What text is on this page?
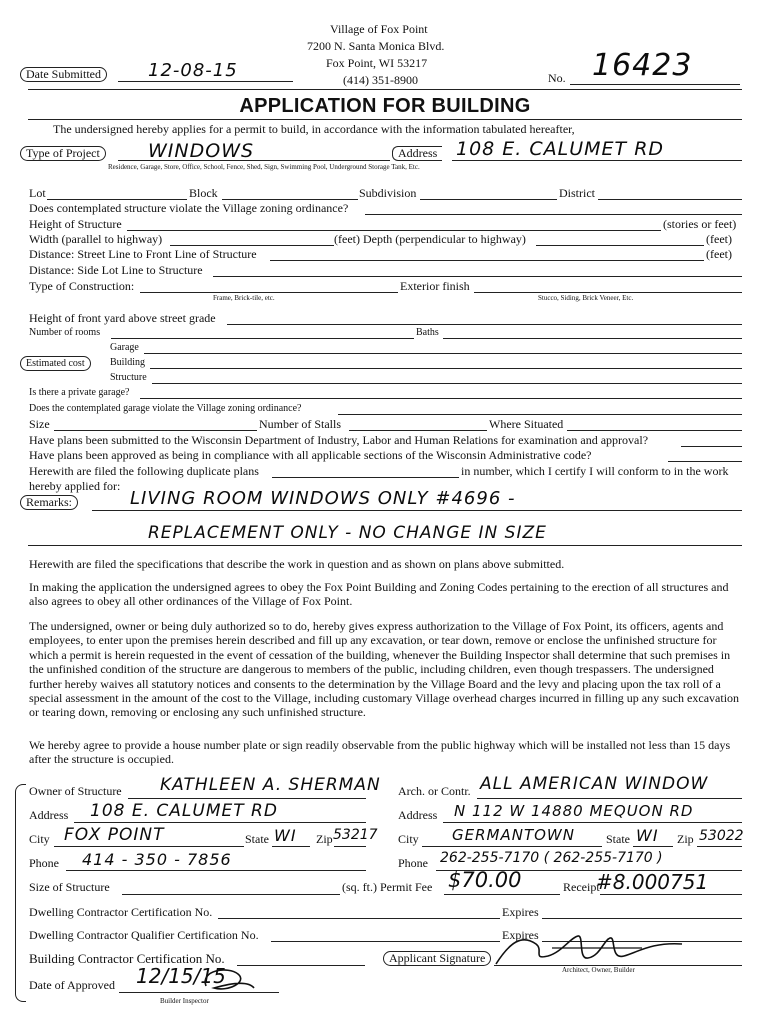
Village of Fox Point
7200 N. Santa Monica Blvd.
Fox Point, WI 53217
(414) 351-8900
Date Submitted	12-08-15	No. 16423
APPLICATION FOR BUILDING
The undersigned hereby applies for a permit to build, in accordance with the information tabulated hereafter,
Type of Project	WINDOWS	Address 108 E. CALUMET RD
Residence, Garage, Store, Office, School, Fence, Shed, Sign, Swimming Pool, Underground Storage Tank, Etc.
Lot	Block	Subdivision	District
Does contemplated structure violate the Village zoning ordinance?
Height of Structure	(stories or feet)
Width (parallel to highway)	(feet) Depth (perpendicular to highway)	(feet)
Distance: Street Line to Front Line of Structure	(feet)
Distance: Side Lot Line to Structure
Type of Construction:	Exterior finish
Frame, Brick-tile, etc.	Stucco, Siding, Brick Veneer, Etc.
Height of front yard above street grade
Number of rooms	Baths
Garage
Estimated cost	Building
Structure
Is there a private garage?
Does the contemplated garage violate the Village zoning ordinance?
Size	Number of Stalls	Where Situated
Have plans been submitted to the Wisconsin Department of Industry, Labor and Human Relations for examination and approval?
Have plans been approved as being in compliance with all applicable sections of the Wisconsin Administrative code?
Herewith are filed the following duplicate plans	in number, which I certify I will conform to in the work
hereby applied for:
Remarks:	LIVING ROOM WINDOWS ONLY #4696 -
REPLACEMENT ONLY - NO CHANGE IN SIZE
Herewith are filed the specifications that describe the work in question and as shown on plans above submitted.
In making the application the undersigned agrees to obey the Fox Point Building and Zoning Codes pertaining to the erection of all structures and also agrees to obey all other ordinances of the Village of Fox Point.
The undersigned, owner or being duly authorized so to do, hereby gives express authorization to the Village of Fox Point, its officers, agents and employees, to enter upon the premises herein described and fill up any excavation, or tear down, remove or enclose the unfinished structure for which a permit is herein requested in the event of cessation of the building, whenever the Building Inspector shall determine that such premises in the unfinished condition of the structure are dangerous to members of the public, including children, even though trespassers. The undersigned further hereby waives all statutory notices and consents to the determination by the Village Board and the levy and placing upon the tax roll of a special assessment in the amount of the cost to the Village, including customary Village overhead charges incurred in filling up any such excavation or tearing down, removing or enclosing any such unfinished structure.
We hereby agree to provide a house number plate or sign readily observable from the public highway which will be installed not less than 15 days after the structure is occupied.
Owner of Structure KATHLEEN A. SHERMAN
Address 108 E. CALUMET RD
City FOX POINT	State WI Zip 53217
Phone 414 - 350 - 7856
Arch. or Contr. ALL AMERICAN WINDOW
Address N 112 W 14880 MEQUON RD
City GERMANTOWN	State WI Zip 53022
Phone 262-255-7170 ( 262-255-7170 )
Size of Structure	(sq. ft.) Permit Fee $70.00	Receipt
#8.000751
Dwelling Contractor Certification No.	Expires
Dwelling Contractor Qualifier Certification No.	Expires
Building Contractor Certification No.	Applicant Signature
Architect, Owner, Builder
Date of Approved 12/15/15
Builder Inspector
